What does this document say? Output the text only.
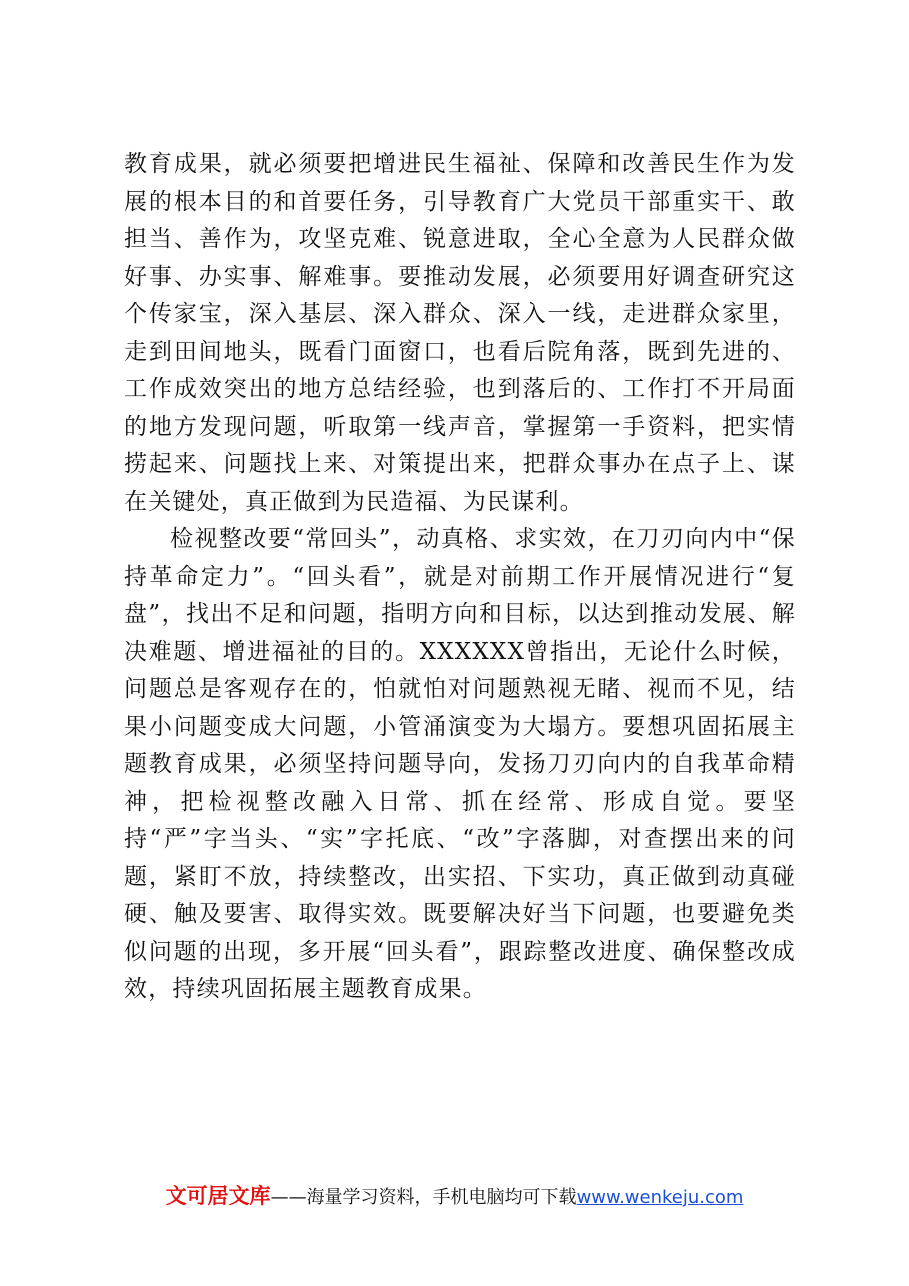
教育成果，就必须要把增进民生福祉、保障和改善民生作为发展的根本目的和首要任务，引导教育广大党员干部重实干、敢担当、善作为，攻坚克难、锐意进取，全心全意为人民群众做好事、办实事、解难事。要推动发展，必须要用好调查研究这个传家宝，深入基层、深入群众、深入一线，走进群众家里，走到田间地头，既看门面窗口，也看后院角落，既到先进的、工作成效突出的地方总结经验，也到落后的、工作打不开局面的地方发现问题，听取第一线声音，掌握第一手资料，把实情捞起来、问题找上来、对策提出来，把群众事办在点子上、谋在关键处，真正做到为民造福、为民谋利。

检视整改要“常回头”，动真格、求实效，在刀刃向内中“保持革命定力”。“回头看”，就是对前期工作开展情况进行“复盘”，找出不足和问题，指明方向和目标，以达到推动发展、解决难题、增进福祉的目的。XXXXXX曾指出，无论什么时候，问题总是客观存在的，怕就怕对问题熟视无睹、视而不见，结果小问题变成大问题，小管涌演变为大塌方。要想巩固拓展主题教育成果，必须坚持问题导向，发扬刀刃向内的自我革命精神，把检视整改融入日常、抓在经常、形成自觉。要坚持“严”字当头、“实”字托底、“改”字落脚，对查摆出来的问题，紧盯不放，持续整改，出实招、下实功，真正做到动真碰硬、触及要害、取得实效。既要解决好当下问题，也要避免类似问题的出现，多开展“回头看”，跟踪整改进度、确保整改成效，持续巩固拓展主题教育成果。

文可居文库——海量学习资料，手机电脑均可下载www.wenkeju.com
